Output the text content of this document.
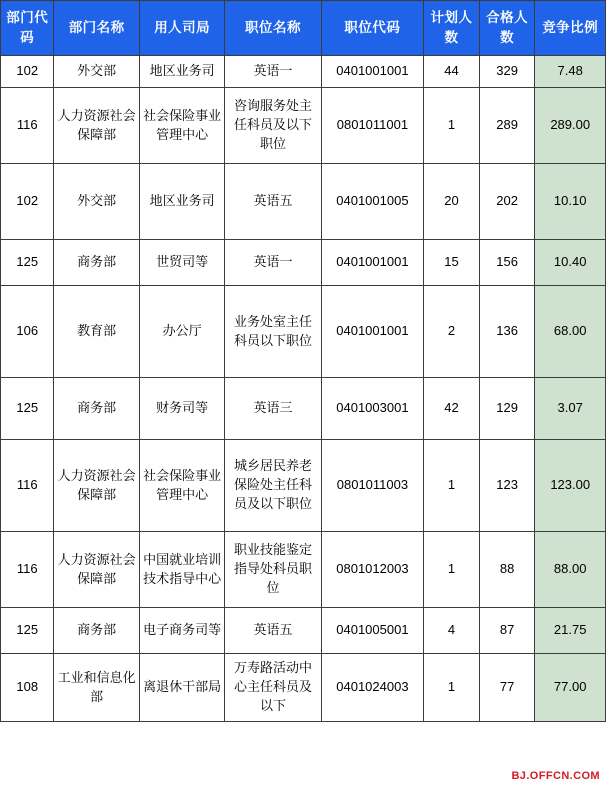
部门代码	部门名称	用人司局	职位名称	职位代码	计划人数	合格人数	竞争比例
102	外交部	地区业务司	英语一	0401001001	44	329	7.48
116	人力资源社会保障部	社会保险事业管理中心	咨询服务处主任科员及以下职位	0801011001	1	289	289.00
102	外交部	地区业务司	英语五	0401001005	20	202	10.10
125	商务部	世贸司等	英语一	0401001001	15	156	10.40
106	教育部	办公厅	业务处室主任科员以下职位	0401001001	2	136	68.00
125	商务部	财务司等	英语三	0401003001	42	129	3.07
116	人力资源社会保障部	社会保险事业管理中心	城乡居民养老保险处主任科员及以下职位	0801011003	1	123	123.00
116	人力资源社会保障部	中国就业培训技术指导中心	职业技能鉴定指导处科员职位	0801012003	1	88	88.00
125	商务部	电子商务司等	英语五	0401005001	4	87	21.75
108	工业和信息化部	离退休干部局	万寿路活动中心主任科员及以下	0401024003	1	77	77.00
BJ.OFFCN.COM
